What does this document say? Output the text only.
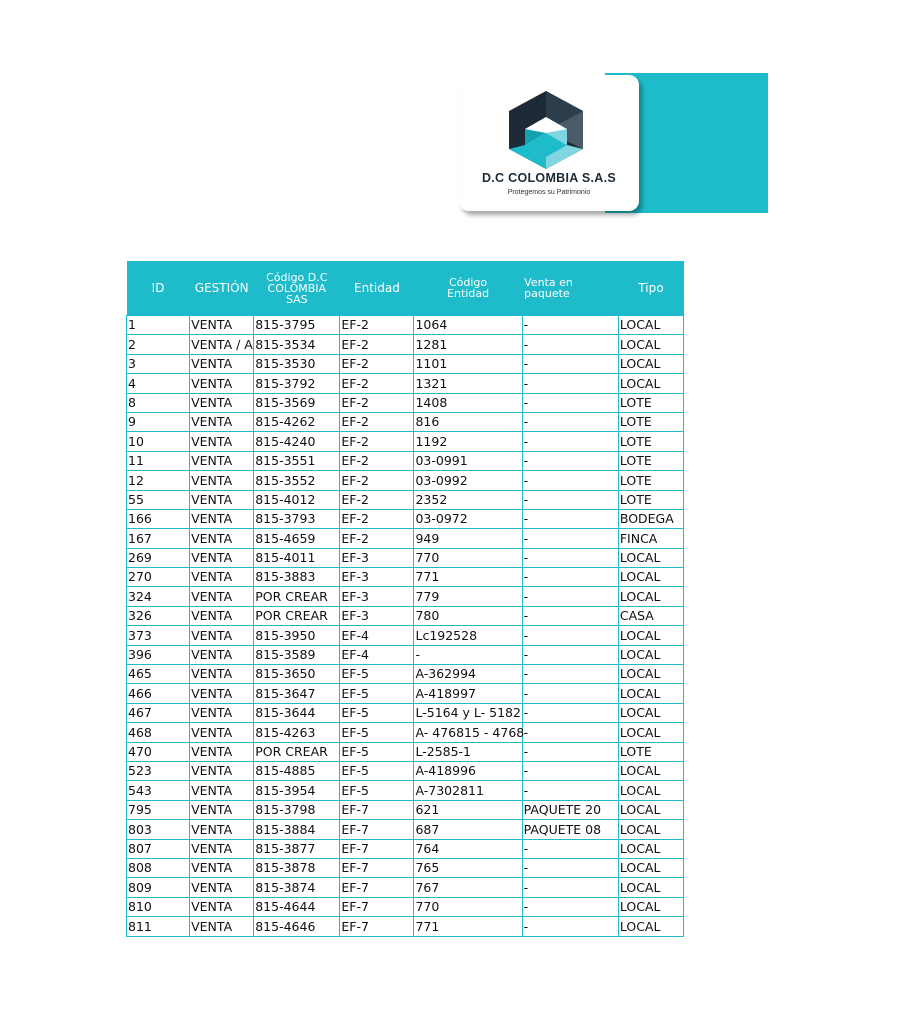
A
D.C COLOMBIA S.A.S
Protegemos su Patrimonio
ID	GESTIÓN	Código D.C COLOMBIA SAS	Entidad	Código Entidad	Venta en paquete	Tipo
1	VENTA	815-3795	EF-2	1064	-	LOCAL
2	VENTA / A	815-3534	EF-2	1281	-	LOCAL
3	VENTA	815-3530	EF-2	1101	-	LOCAL
4	VENTA	815-3792	EF-2	1321	-	LOCAL
8	VENTA	815-3569	EF-2	1408	-	LOTE
9	VENTA	815-4262	EF-2	816	-	LOTE
10	VENTA	815-4240	EF-2	1192	-	LOTE
11	VENTA	815-3551	EF-2	03-0991	-	LOTE
12	VENTA	815-3552	EF-2	03-0992	-	LOTE
55	VENTA	815-4012	EF-2	2352	-	LOTE
166	VENTA	815-3793	EF-2	03-0972	-	BODEGA
167	VENTA	815-4659	EF-2	949	-	FINCA
269	VENTA	815-4011	EF-3	770	-	LOCAL
270	VENTA	815-3883	EF-3	771	-	LOCAL
324	VENTA	POR CREAR	EF-3	779	-	LOCAL
326	VENTA	POR CREAR	EF-3	780	-	CASA
373	VENTA	815-3950	EF-4	Lc192528	-	LOCAL
396	VENTA	815-3589	EF-4	-	-	LOCAL
465	VENTA	815-3650	EF-5	A-362994	-	LOCAL
466	VENTA	815-3647	EF-5	A-418997	-	LOCAL
467	VENTA	815-3644	EF-5	L-5164 y L- 5182	-	LOCAL
468	VENTA	815-4263	EF-5	A- 476815 - 4768	-	LOCAL
470	VENTA	POR CREAR	EF-5	L-2585-1	-	LOTE
523	VENTA	815-4885	EF-5	A-418996	-	LOCAL
543	VENTA	815-3954	EF-5	A-7302811	-	LOCAL
795	VENTA	815-3798	EF-7	621	PAQUETE 20	LOCAL
803	VENTA	815-3884	EF-7	687	PAQUETE 08	LOCAL
807	VENTA	815-3877	EF-7	764	-	LOCAL
808	VENTA	815-3878	EF-7	765	-	LOCAL
809	VENTA	815-3874	EF-7	767	-	LOCAL
810	VENTA	815-4644	EF-7	770	-	LOCAL
811	VENTA	815-4646	EF-7	771	-	LOCAL
